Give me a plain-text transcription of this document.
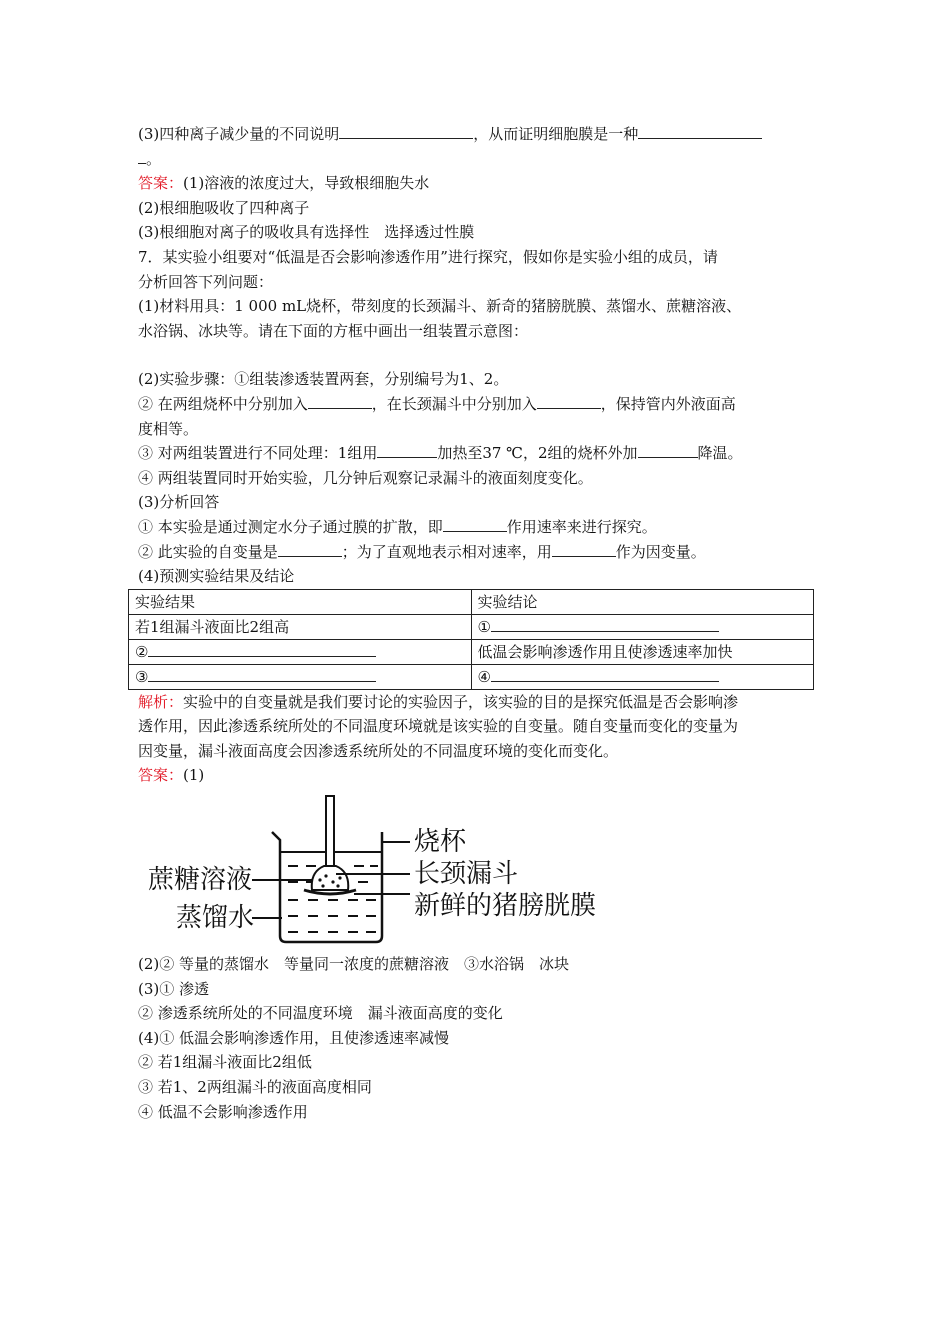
(3)四种离子减少量的不同说明	，从而证明细胞膜是一种

。

答案：(1)溶液的浓度过大，导致根细胞失水

(2)根细胞吸收了四种离子

(3)根细胞对离子的吸收具有选择性　选择透过性膜

7．某实验小组要对“低温是否会影响渗透作用”进行探究，假如你是实验小组的成员，请

分析回答下列问题：

(1)材料用具：1 000 mL烧杯，带刻度的长颈漏斗、新奇的猪膀胱膜、蒸馏水、蔗糖溶液、

水浴锅、冰块等。请在下面的方框中画出一组装置示意图：

(2)实验步骤：①组装渗透装置两套，分别编号为1、2。

② 在两组烧杯中分别加入	，在长颈漏斗中分别加入	，保持管内外液面高

度相等。

③ 对两组装置进行不同处理：1组用	加热至37 ℃，2组的烧杯外加	降温。

④ 两组装置同时开始实验，几分钟后观察记录漏斗的液面刻度变化。

(3)分析回答

① 本实验是通过测定水分子通过膜的扩散，即	作用速率来进行探究。

② 此实验的自变量是	；为了直观地表示相对速率，用	作为因变量。

(4)预测实验结果及结论

实验结果	实验结论
若1组漏斗液面比2组高	①
②	低温会影响渗透作用且使渗透速率加快
③	④

解析：实验中的自变量就是我们要讨论的实验因子，该实验的目的是探究低温是否会影响渗

透作用，因此渗透系统所处的不同温度环境就是该实验的自变量。随自变量而变化的变量为

因变量，漏斗液面高度会因渗透系统所处的不同温度环境的变化而变化。

答案：(1)

烧杯
长颈漏斗
新鲜的猪膀胱膜
蔗糖溶液
蒸馏水

(2)② 等量的蒸馏水　等量同一浓度的蔗糖溶液　③水浴锅　冰块

(3)① 渗透

② 渗透系统所处的不同温度环境　漏斗液面高度的变化

(4)① 低温会影响渗透作用，且使渗透速率减慢

② 若1组漏斗液面比2组低

③ 若1、2两组漏斗的液面高度相同

④ 低温不会影响渗透作用
